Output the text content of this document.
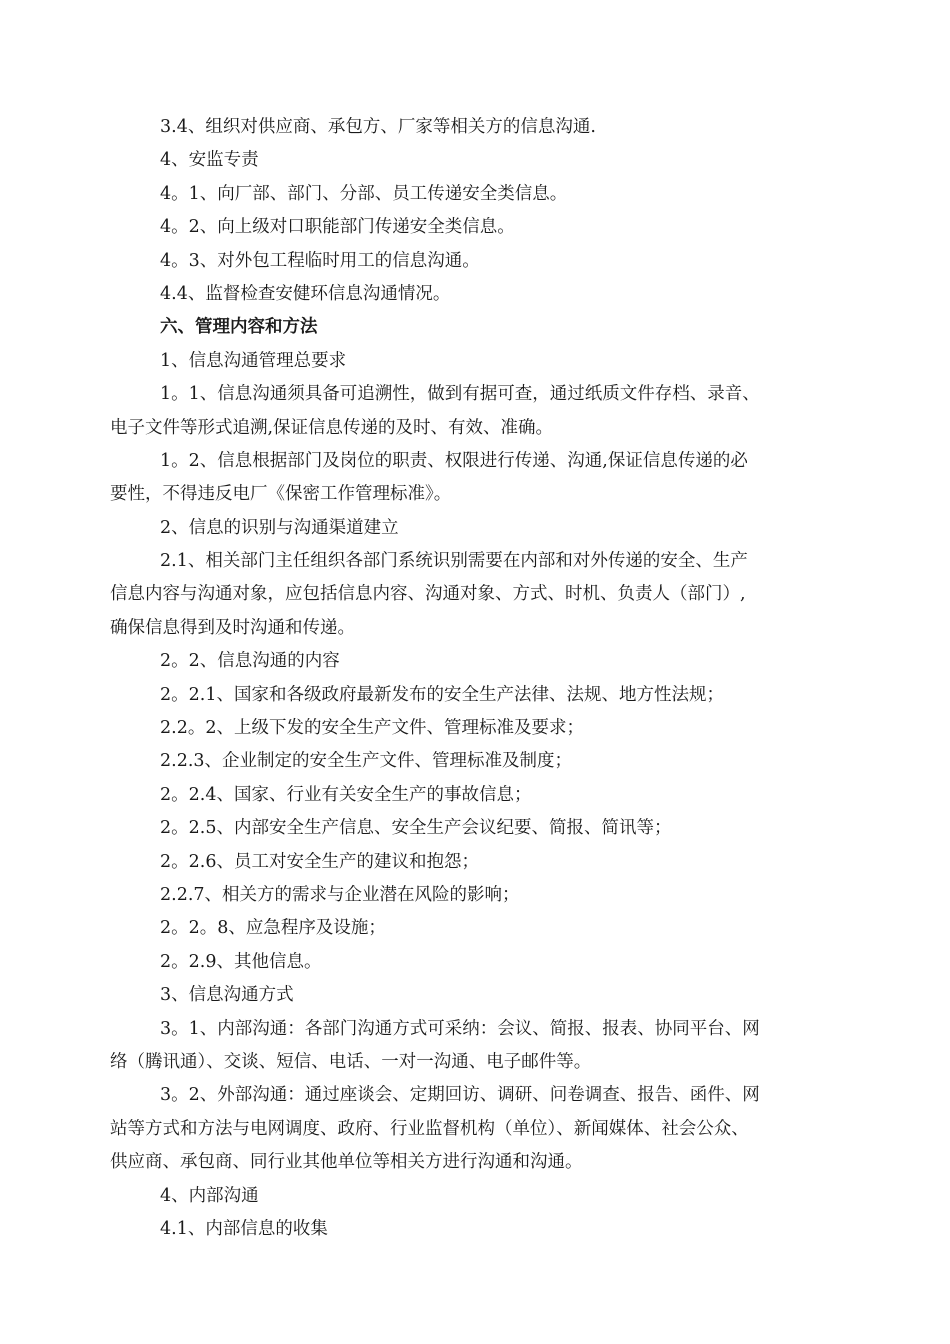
3.4、组织对供应商、承包方、厂家等相关方的信息沟通.
4、安监专责
4。1、向厂部、部门、分部、员工传递安全类信息。
4。2、向上级对口职能部门传递安全类信息。
4。3、对外包工程临时用工的信息沟通。
4.4、监督检查安健环信息沟通情况。
六、管理内容和方法
1、信息沟通管理总要求
1。1、信息沟通须具备可追溯性，做到有据可查，通过纸质文件存档、录音、
电子文件等形式追溯,保证信息传递的及时、有效、准确。
1。2、信息根据部门及岗位的职责、权限进行传递、沟通,保证信息传递的必
要性，不得违反电厂《保密工作管理标准》。
2、信息的识别与沟通渠道建立
2.1、相关部门主任组织各部门系统识别需要在内部和对外传递的安全、生产
信息内容与沟通对象，应包括信息内容、沟通对象、方式、时机、负责人（部门）,
确保信息得到及时沟通和传递。
2。2、信息沟通的内容
2。2.1、国家和各级政府最新发布的安全生产法律、法规、地方性法规；
2.2。2、上级下发的安全生产文件、管理标准及要求；
2.2.3、企业制定的安全生产文件、管理标准及制度；
2。2.4、国家、行业有关安全生产的事故信息；
2。2.5、内部安全生产信息、安全生产会议纪要、简报、简讯等；
2。2.6、员工对安全生产的建议和抱怨；
2.2.7、相关方的需求与企业潜在风险的影响；
2。2。8、应急程序及设施；
2。2.9、其他信息。
3、信息沟通方式
3。1、内部沟通：各部门沟通方式可采纳：会议、简报、报表、协同平台、网
络（腾讯通）、交谈、短信、电话、一对一沟通、电子邮件等。
3。2、外部沟通：通过座谈会、定期回访、调研、问卷调查、报告、函件、网
站等方式和方法与电网调度、政府、行业监督机构（单位）、新闻媒体、社会公众、
供应商、承包商、同行业其他单位等相关方进行沟通和沟通。
4、内部沟通
4.1、内部信息的收集
